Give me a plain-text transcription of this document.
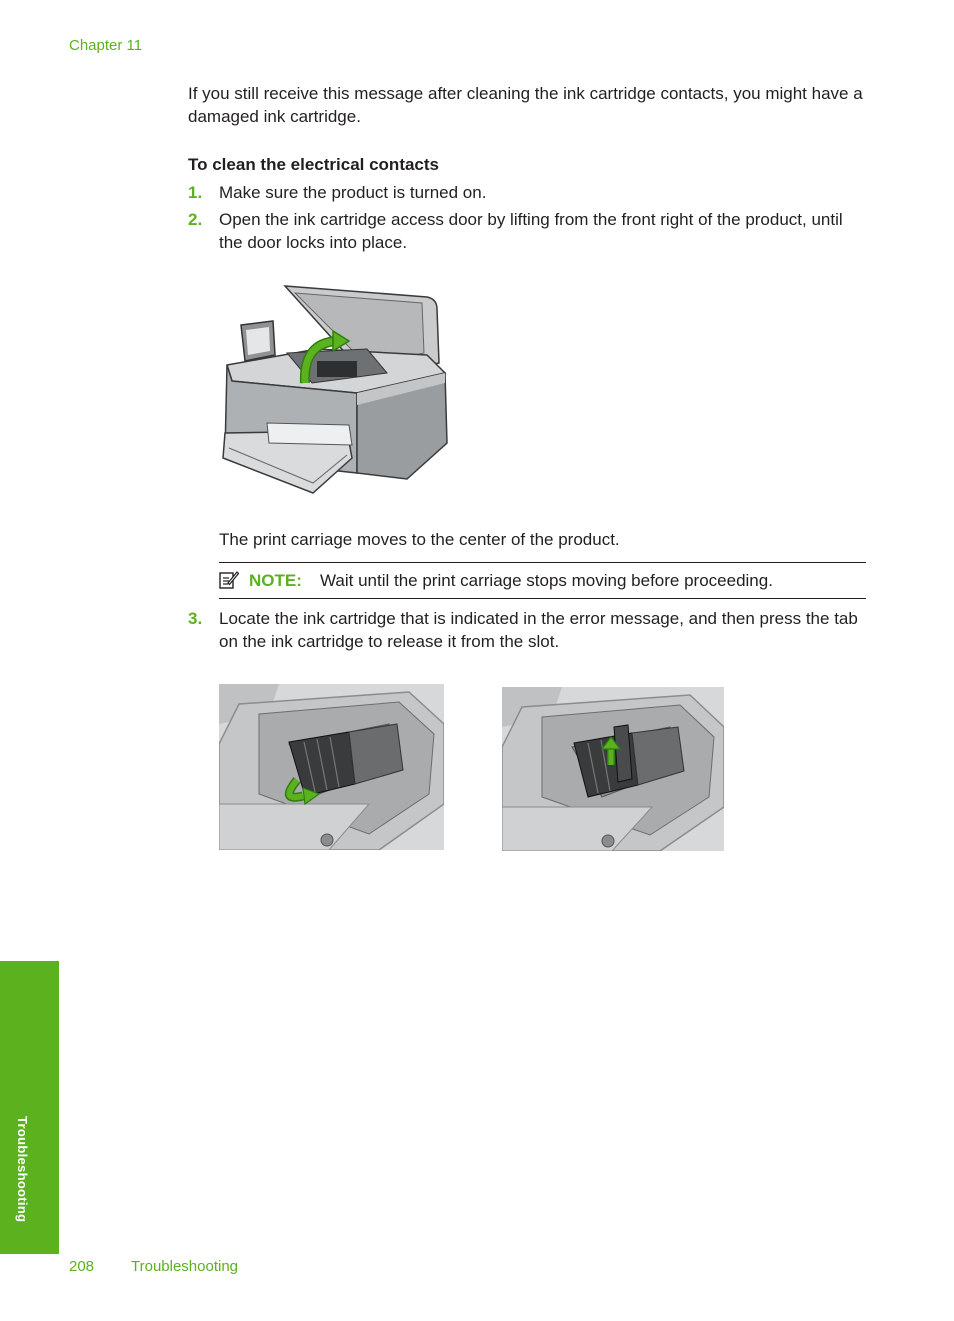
Chapter 11

If you still receive this message after cleaning the ink cartridge contacts, you might have a damaged ink cartridge.

To clean the electrical contacts

1. Make sure the product is turned on.
2. Open the ink cartridge access door by lifting from the front right of the product, until the door locks into place.

The print carriage moves to the center of the product.

NOTE: Wait until the print carriage stops moving before proceeding.
3. Locate the ink cartridge that is indicated in the error message, and then press the tab on the ink cartridge to release it from the slot.
Troubleshooting
208 Troubleshooting
